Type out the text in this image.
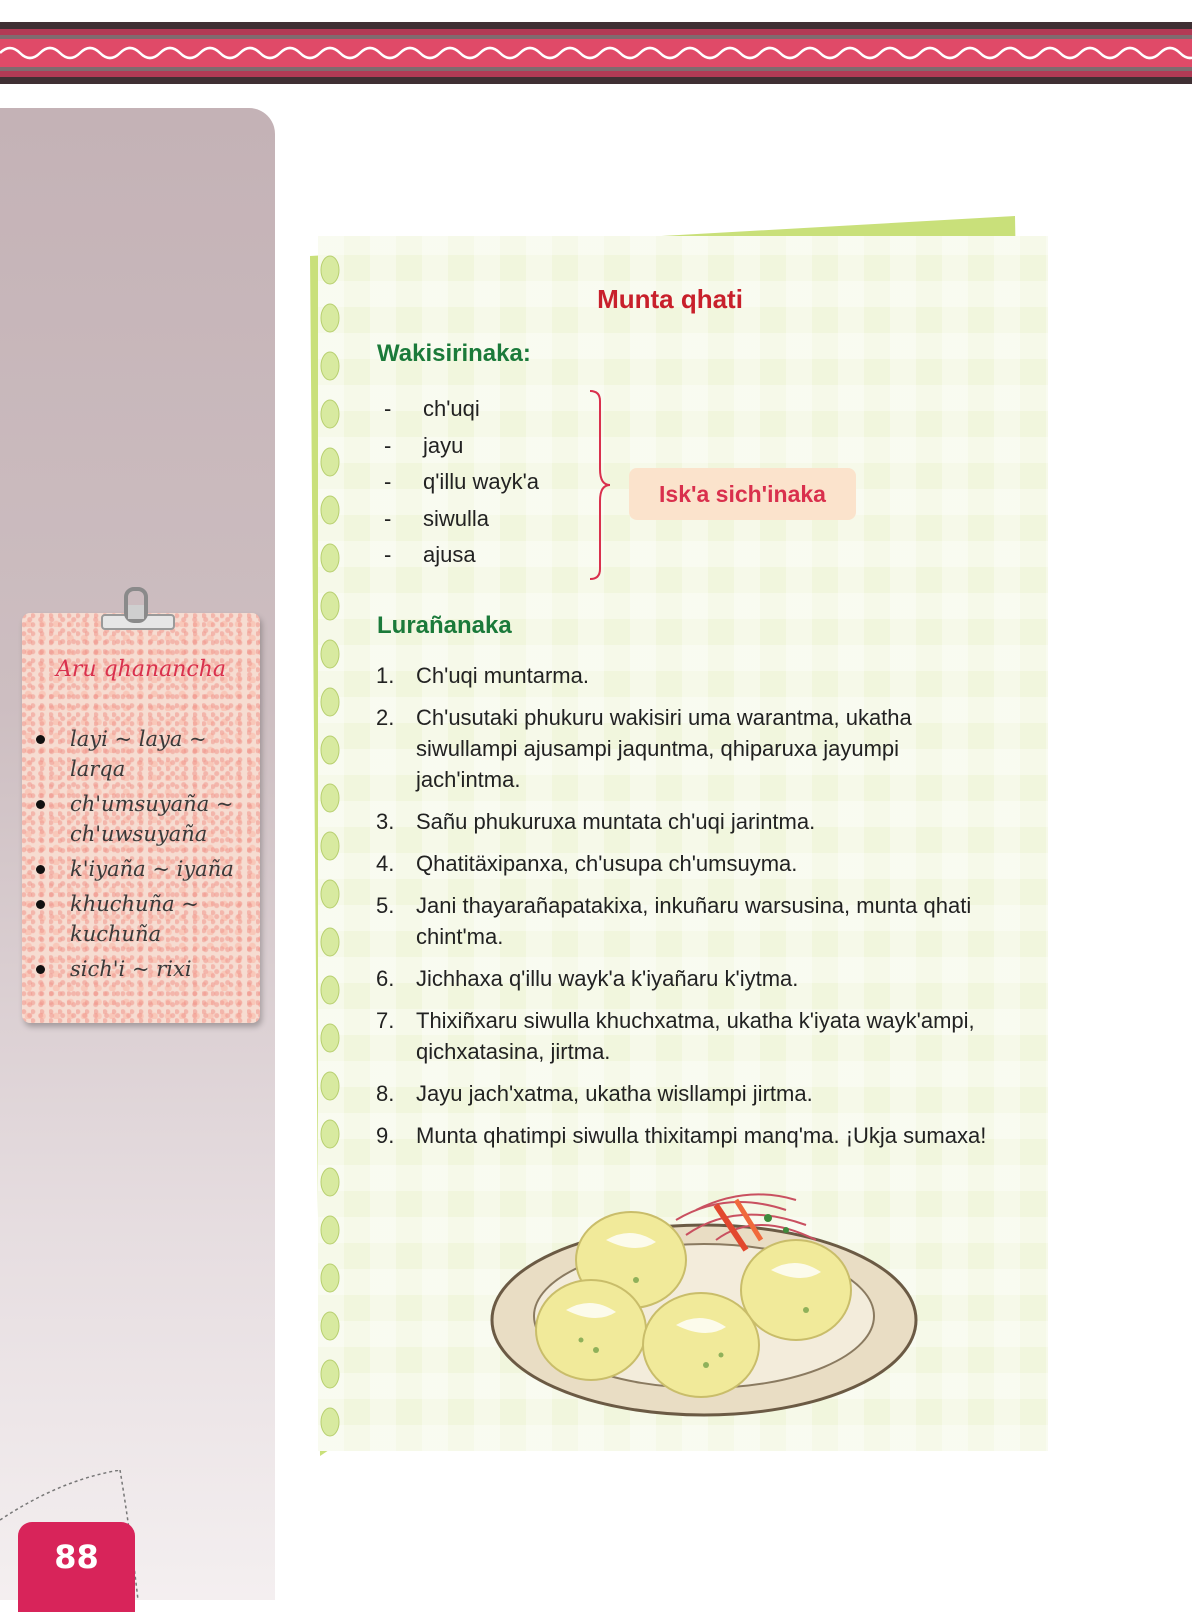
Aru qhanancha
layi ~ laya ~ larqa
ch'umsuyaña ~ ch'uwsuyaña
k'iyaña ~ iyaña
khuchuña ~ kuchuña
sich'i ~ rixi
88
Munta qhati
Wakisirinaka:
- ch'uqi
- jayu
- q'illu wayk'a
- siwulla
- ajusa
Isk'a sich'inaka
Lurañanaka
1. Ch'uqi muntarma.
2. Ch'usutaki phukuru wakisiri uma warantma, ukatha siwullampi ajusampi jaquntma, qhiparuxa jayumpi jach'intma.
3. Sañu phukuruxa muntata ch'uqi jarintma.
4. Qhatitäxipanxa, ch'usupa ch'umsuyma.
5. Jani thayarañapatakixa, inkuñaru warsusina, munta qhati chint'ma.
6. Jichhaxa q'illu wayk'a k'iyañaru k'iytma.
7. Thixiñxaru siwulla khuchxatma, ukatha k'iyata wayk'ampi, qichxatasina, jirtma.
8. Jayu jach'xatma, ukatha wisllampi jirtma.
9. Munta qhatimpi siwulla thixitampi manq'ma. ¡Ukja sumaxa!
